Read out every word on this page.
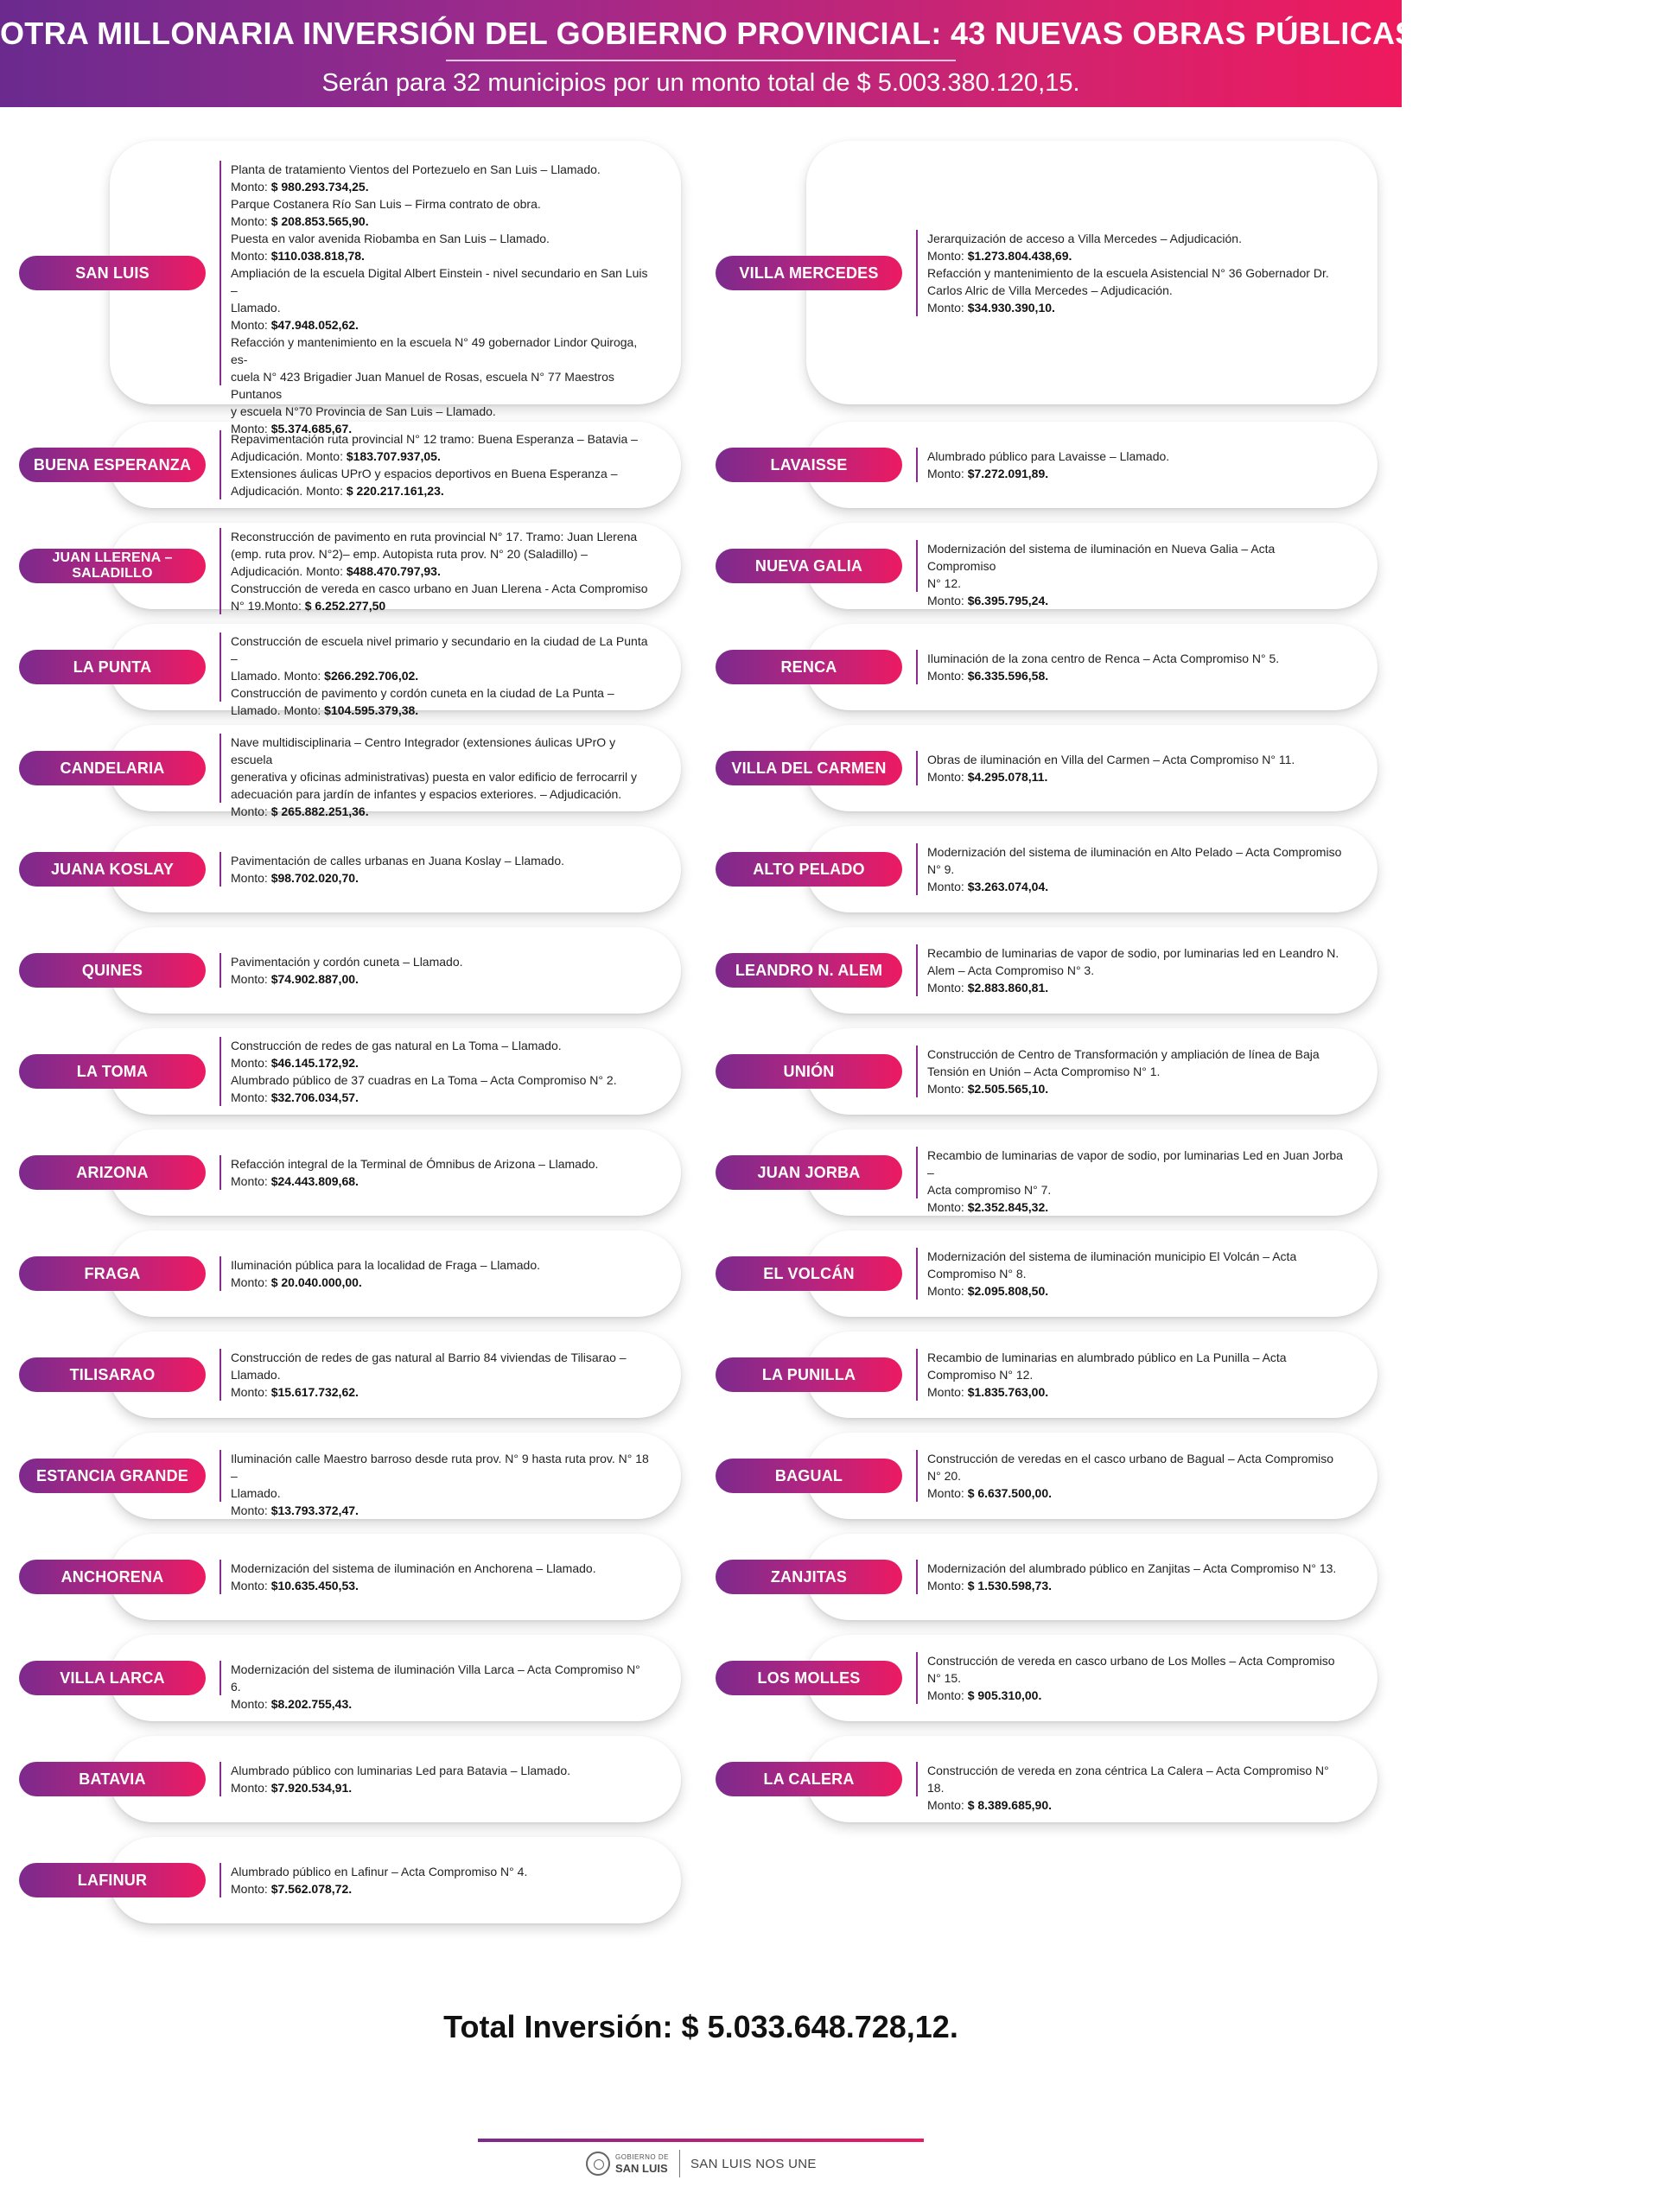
OTRA MILLONARIA INVERSIÓN DEL GOBIERNO PROVINCIAL: 43 NUEVAS OBRAS PÚBLICAS PARA SAN LUIS
Serán para 32 municipios por un monto total de $ 5.003.380.120,15.
SAN LUIS
Planta de tratamiento Vientos del Portezuelo en San Luis – Llamado.
Monto: $ 980.293.734,25.
Parque Costanera Río San Luis – Firma contrato de obra.
Monto: $ 208.853.565,90.
Puesta en valor avenida Riobamba en San Luis – Llamado.
Monto: $110.038.818,78.
Ampliación de la escuela Digital Albert Einstein - nivel secundario en San Luis –
Llamado.
Monto: $47.948.052,62.
Refacción y mantenimiento en la escuela N° 49 gobernador Lindor Quiroga, es-
cuela N° 423 Brigadier Juan Manuel de Rosas, escuela N° 77 Maestros Puntanos
y escuela N°70 Provincia de San Luis – Llamado.
Monto: $5.374.685,67.
VILLA MERCEDES
Jerarquización de acceso a Villa Mercedes – Adjudicación.
Monto: $1.273.804.438,69.
Refacción y mantenimiento de la escuela Asistencial N° 36 Gobernador Dr.
Carlos Alric de Villa Mercedes – Adjudicación.
Monto: $34.930.390,10.
BUENA ESPERANZA
Repavimentación ruta provincial N° 12 tramo: Buena Esperanza – Batavia –
Adjudicación. Monto: $183.707.937,05.
Extensiones áulicas UPrO y espacios deportivos en Buena Esperanza –
Adjudicación. Monto: $ 220.217.161,23.
LAVAISSE	Alumbrado público para Lavaisse – Llamado.
Monto: $7.272.091,89.
JUAN LLERENA – SALADILLO
Reconstrucción de pavimento en ruta provincial N° 17. Tramo: Juan Llerena
(emp. ruta prov. N°2)– emp. Autopista ruta prov. N° 20 (Saladillo) –
Adjudicación. Monto: $488.470.797,93.
Construcción de vereda en casco urbano en Juan Llerena - Acta Compromiso
N° 19.Monto: $ 6.252.277,50
NUEVA GALIA
Modernización del sistema de iluminación en Nueva Galia – Acta Compromiso
N° 12.
Monto: $6.395.795,24.
LA PUNTA
Construcción de escuela nivel primario y secundario en la ciudad de La Punta –
Llamado. Monto: $266.292.706,02.
Construcción de pavimento y cordón cuneta en la ciudad de La Punta –
Llamado. Monto: $104.595.379,38.
RENCA	Iluminación de la zona centro de Renca – Acta Compromiso N° 5.
Monto: $6.335.596,58.
CANDELARIA
Nave multidisciplinaria – Centro Integrador (extensiones áulicas UPrO y escuela
generativa y oficinas administrativas) puesta en valor edificio de ferrocarril y
adecuación para jardín de infantes y espacios exteriores. – Adjudicación.
Monto: $ 265.882.251,36.
VILLA DEL CARMEN	Obras de iluminación en Villa del Carmen – Acta Compromiso N° 11.
Monto: $4.295.078,11.
JUANA KOSLAY	Pavimentación de calles urbanas en Juana Koslay – Llamado.
Monto: $98.702.020,70.	ALTO PELADO
Modernización del sistema de iluminación en Alto Pelado – Acta Compromiso
N° 9.
Monto: $3.263.074,04.
QUINES	Pavimentación y cordón cuneta – Llamado.
Monto: $74.902.887,00.	LEANDRO N. ALEM
Recambio de luminarias de vapor de sodio, por luminarias led en Leandro N.
Alem – Acta Compromiso N° 3.
Monto: $2.883.860,81.
LA TOMA
Construcción de redes de gas natural en La Toma – Llamado.
Monto: $46.145.172,92.
Alumbrado público de 37 cuadras en La Toma – Acta Compromiso N° 2.
Monto: $32.706.034,57.
UNIÓN
Construcción de Centro de Transformación y ampliación de línea de Baja
Tensión en Unión – Acta Compromiso N° 1.
Monto: $2.505.565,10.
ARIZONA	Refacción integral de la Terminal de Ómnibus de Arizona – Llamado.
Monto: $24.443.809,68.	JUAN JORBA
Recambio de luminarias de vapor de sodio, por luminarias Led en Juan Jorba –
Acta compromiso N° 7.
Monto: $2.352.845,32.
FRAGA	Iluminación pública para la localidad de Fraga – Llamado.
Monto: $ 20.040.000,00.	EL VOLCÁN
Modernización del sistema de iluminación municipio El Volcán – Acta
Compromiso N° 8.
Monto: $2.095.808,50.
TILISARAO
Construcción de redes de gas natural al Barrio 84 viviendas de Tilisarao –
Llamado.
Monto: $15.617.732,62.
LA PUNILLA
Recambio de luminarias en alumbrado público en La Punilla – Acta
Compromiso N° 12.
Monto: $1.835.763,00.
ESTANCIA GRANDE
Iluminación calle Maestro barroso desde ruta prov. N° 9 hasta ruta prov. N° 18 –
Llamado.
Monto: $13.793.372,47.
BAGUAL
Construcción de veredas en el casco urbano de Bagual – Acta Compromiso
N° 20.
Monto: $ 6.637.500,00.
ANCHORENA	Modernización del sistema de iluminación en Anchorena – Llamado.
Monto: $10.635.450,53.	ZANJITAS	Modernización del alumbrado público en Zanjitas – Acta Compromiso N° 13.
Monto: $ 1.530.598,73.
VILLA LARCA	Modernización del sistema de iluminación Villa Larca – Acta Compromiso N° 6.
Monto: $8.202.755,43.
LOS MOLLES
Construcción de vereda en casco urbano de Los Molles – Acta Compromiso
N° 15.
Monto: $ 905.310,00.
BATAVIA	Alumbrado público con luminarias Led para Batavia – Llamado.
Monto: $7.920.534,91.	LA CALERA	Construcción de vereda en zona céntrica La Calera – Acta Compromiso N° 18.
Monto: $ 8.389.685,90.
LAFINUR	Alumbrado público en Lafinur – Acta Compromiso N° 4.
Monto: $7.562.078,72.
Total Inversión: $ 5.033.648.728,12.
GOBIERNO DE
SAN LUIS SAN LUIS NOS UNE
